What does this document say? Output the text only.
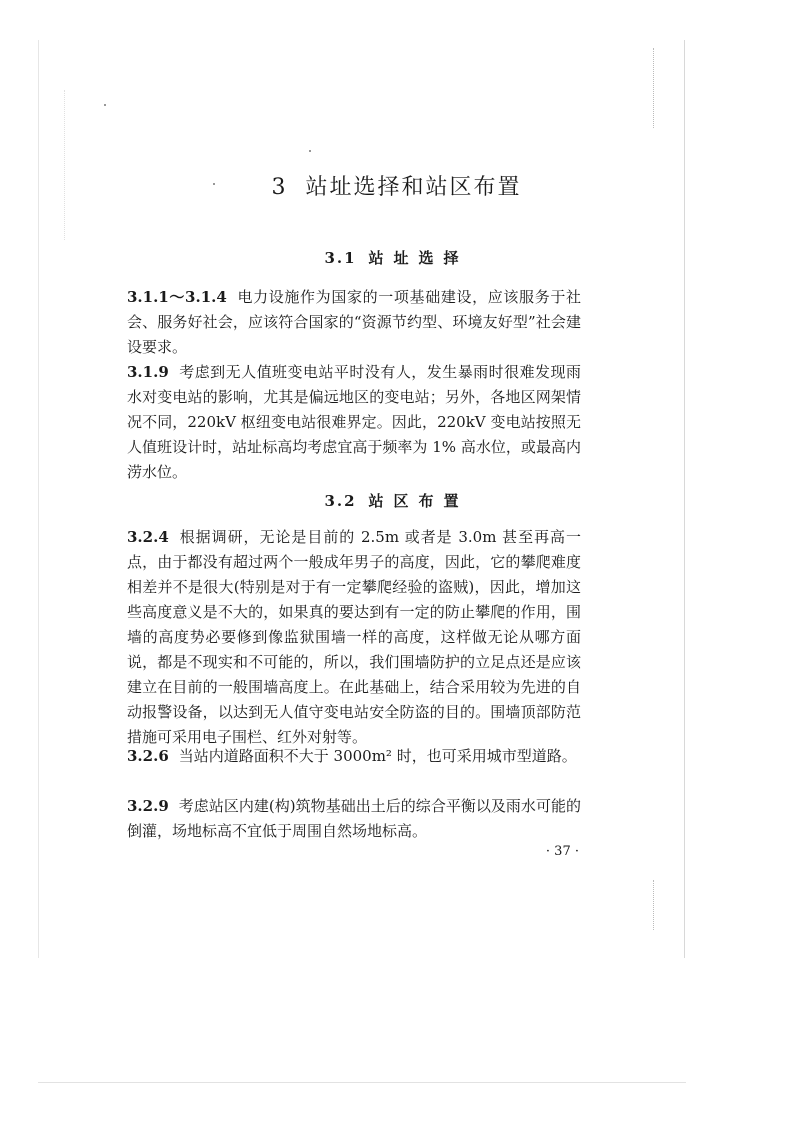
3 站址选择和站区布置
3.1 站址选择
3.1.1～3.1.4 电力设施作为国家的一项基础建设，应该服务于社会、服务好社会，应该符合国家的“资源节约型、环境友好型”社会建设要求。
3.1.9 考虑到无人值班变电站平时没有人，发生暴雨时很难发现雨水对变电站的影响，尤其是偏远地区的变电站；另外，各地区网架情况不同，220kV 枢纽变电站很难界定。因此，220kV 变电站按照无人值班设计时，站址标高均考虑宜高于频率为 1% 高水位，或最高内涝水位。
3.2 站区布置
3.2.4 根据调研，无论是目前的 2.5m 或者是 3.0m 甚至再高一点，由于都没有超过两个一般成年男子的高度，因此，它的攀爬难度相差并不是很大(特别是对于有一定攀爬经验的盗贼)，因此，增加这些高度意义是不大的，如果真的要达到有一定的防止攀爬的作用，围墙的高度势必要修到像监狱围墙一样的高度，这样做无论从哪方面说，都是不现实和不可能的，所以，我们围墙防护的立足点还是应该建立在目前的一般围墙高度上。在此基础上，结合采用较为先进的自动报警设备，以达到无人值守变电站安全防盗的目的。围墙顶部防范措施可采用电子围栏、红外对射等。
3.2.6 当站内道路面积不大于 3000m² 时，也可采用城市型道路。
3.2.9 考虑站区内建(构)筑物基础出土后的综合平衡以及雨水可能的倒灌，场地标高不宜低于周围自然场地标高。
· 37 ·
